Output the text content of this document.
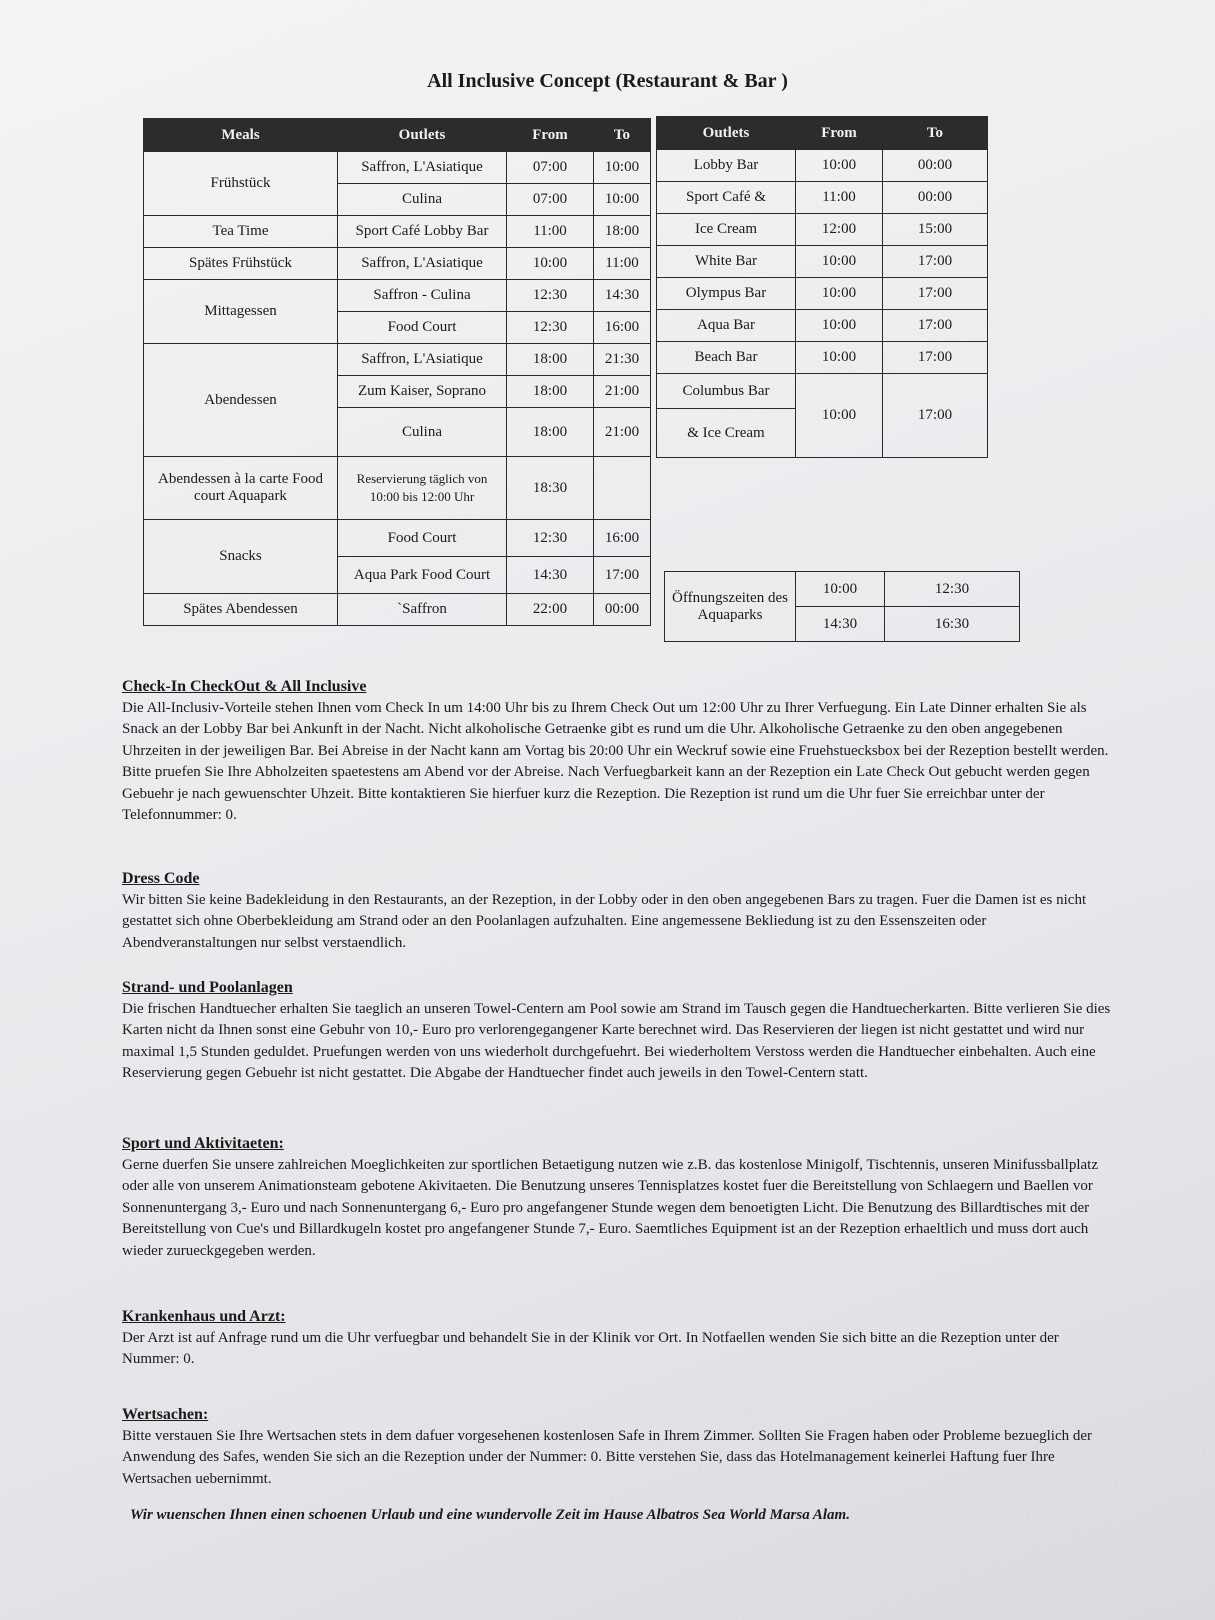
All Inclusive Concept (Restaurant & Bar )
Meals	Outlets	From	To
Frühstück	Saffron, L'Asiatique	07:00	10:00
	Culina	07:00	10:00
Tea Time	Sport Café Lobby Bar	11:00	18:00
Spätes Frühstück	Saffron, L'Asiatique	10:00	11:00
Mittagessen	Saffron - Culina	12:30	14:30
	Food Court	12:30	16:00
Abendessen	Saffron, L'Asiatique	18:00	21:30
	Zum Kaiser, Soprano	18:00	21:00
	Culina	18:00	21:00
Abendessen à la carte Food court Aquapark	Reservierung täglich von 10:00 bis 12:00 Uhr	18:30	
Snacks	Food Court	12:30	16:00
	Aqua Park Food Court	14:30	17:00
Spätes Abendessen	`Saffron	22:00	00:00
Outlets	From	To
Lobby Bar	10:00	00:00
Sport Café &	11:00	00:00
Ice Cream	12:00	15:00
White Bar	10:00	17:00
Olympus Bar	10:00	17:00
Aqua Bar	10:00	17:00
Beach Bar	10:00	17:00
Columbus Bar	10:00	17:00
& Ice Cream		
Öffnungszeiten des Aquaparks	10:00	12:30
	14:30	16:30
Check-In CheckOut & All Inclusive

Die All-Inclusiv-Vorteile stehen Ihnen vom Check In um 14:00 Uhr bis zu Ihrem Check Out um 12:00 Uhr zu Ihrer Verfuegung. Ein Late Dinner erhalten Sie als Snack an der Lobby Bar bei Ankunft in der Nacht. Nicht alkoholische Getraenke gibt es rund um die Uhr. Alkoholische Getraenke zu den oben angegebenen Uhrzeiten in der jeweiligen Bar. Bei Abreise in der Nacht kann am Vortag bis 20:00 Uhr ein Weckruf sowie eine Fruehstuecksbox bei der Rezeption bestellt werden. Bitte pruefen Sie Ihre Abholzeiten spaetestens am Abend vor der Abreise. Nach Verfuegbarkeit kann an der Rezeption ein Late Check Out gebucht werden gegen Gebuehr je nach gewuenschter Uhzeit. Bitte kontaktieren Sie hierfuer kurz die Rezeption. Die Rezeption ist rund um die Uhr fuer Sie erreichbar unter der Telefonnummer: 0.

Dress Code

Wir bitten Sie keine Badekleidung in den Restaurants, an der Rezeption, in der Lobby oder in den oben angegebenen Bars zu tragen. Fuer die Damen ist es nicht gestattet sich ohne Oberbekleidung am Strand oder an den Poolanlagen aufzuhalten. Eine angemessene Bekliedung ist zu den Essenszeiten oder Abendveranstaltungen nur selbst verstaendlich.

Strand- und Poolanlagen

Die frischen Handtuecher erhalten Sie taeglich an unseren Towel-Centern am Pool sowie am Strand im Tausch gegen die Handtuecherkarten. Bitte verlieren Sie dies Karten nicht da Ihnen sonst eine Gebuhr von 10,- Euro pro verlorengegangener Karte berechnet wird. Das Reservieren der liegen ist nicht gestattet und wird nur maximal 1,5 Stunden geduldet. Pruefungen werden von uns wiederholt durchgefuehrt. Bei wiederholtem Verstoss werden die Handtuecher einbehalten. Auch eine Reservierung gegen Gebuehr ist nicht gestattet. Die Abgabe der Handtuecher findet auch jeweils in den Towel-Centern statt.

Sport und Aktivitaeten:

Gerne duerfen Sie unsere zahlreichen Moeglichkeiten zur sportlichen Betaetigung nutzen wie z.B. das kostenlose Minigolf, Tischtennis, unseren Minifussballplatz oder alle von unserem Animationsteam gebotene Akivitaeten. Die Benutzung unseres Tennisplatzes kostet fuer die Bereitstellung von Schlaegern und Baellen vor Sonnenuntergang 3,- Euro und nach Sonnenuntergang 6,- Euro pro angefangener Stunde wegen dem benoetigten Licht. Die Benutzung des Billardtisches mit der Bereitstellung von Cue's und Billardkugeln kostet pro angefangener Stunde 7,- Euro. Saemtliches Equipment ist an der Rezeption erhaeltlich und muss dort auch wieder zurueckgegeben werden.

Krankenhaus und Arzt:

Der Arzt ist auf Anfrage rund um die Uhr verfuegbar und behandelt Sie in der Klinik vor Ort. In Notfaellen wenden Sie sich bitte an die Rezeption unter der Nummer: 0.

Wertsachen:

Bitte verstauen Sie Ihre Wertsachen stets in dem dafuer vorgesehenen kostenlosen Safe in Ihrem Zimmer. Sollten Sie Fragen haben oder Probleme bezueglich der Anwendung des Safes, wenden Sie sich an die Rezeption under der Nummer: 0. Bitte verstehen Sie, dass das Hotelmanagement keinerlei Haftung fuer Ihre Wertsachen uebernimmt.

Wir wuenschen Ihnen einen schoenen Urlaub und eine wundervolle Zeit im Hause Albatros Sea World Marsa Alam.
